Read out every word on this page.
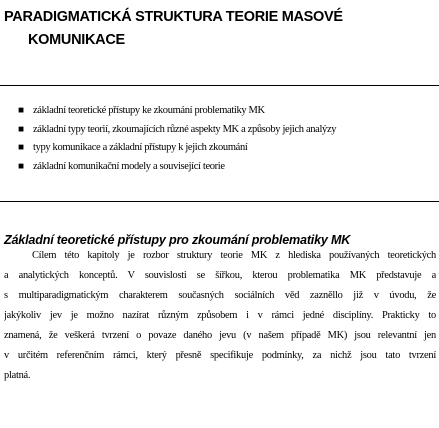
PARADIGMATICKÁ STRUKTURA TEORIE MASOVÉ
KOMUNIKACE
■ základní teoretické přístupy ke zkoumání problematiky MK
■ základní typy teorií, zkoumajících různé aspekty MK a způsoby jejich analýzy
■ typy komunikace a základní přístupy k jejich zkoumání
■ základní komunikační modely a související teorie
Základní teoretické přístupy pro zkoumání problematiky MK
Cílem této kapitoly je rozbor struktury teorie MK z hlediska používaných teoretických
a analytických konceptů. V souvislosti se šířkou, kterou problematika MK představuje a
s multiparadigmatickým charakterem současných sociálních věd zazněllo již v úvodu, že
jakýkoliv jev je možno nazírat různým způsobem i v rámci jedné disciplíny. Prakticky to
znamená, že veškerá tvrzení o povaze daného jevu (v našem případě MK) jsou relevantní jen
v určitém referenčním rámci, který přesně specifikuje podmínky, za nichž jsou tato tvrzení
platná.
